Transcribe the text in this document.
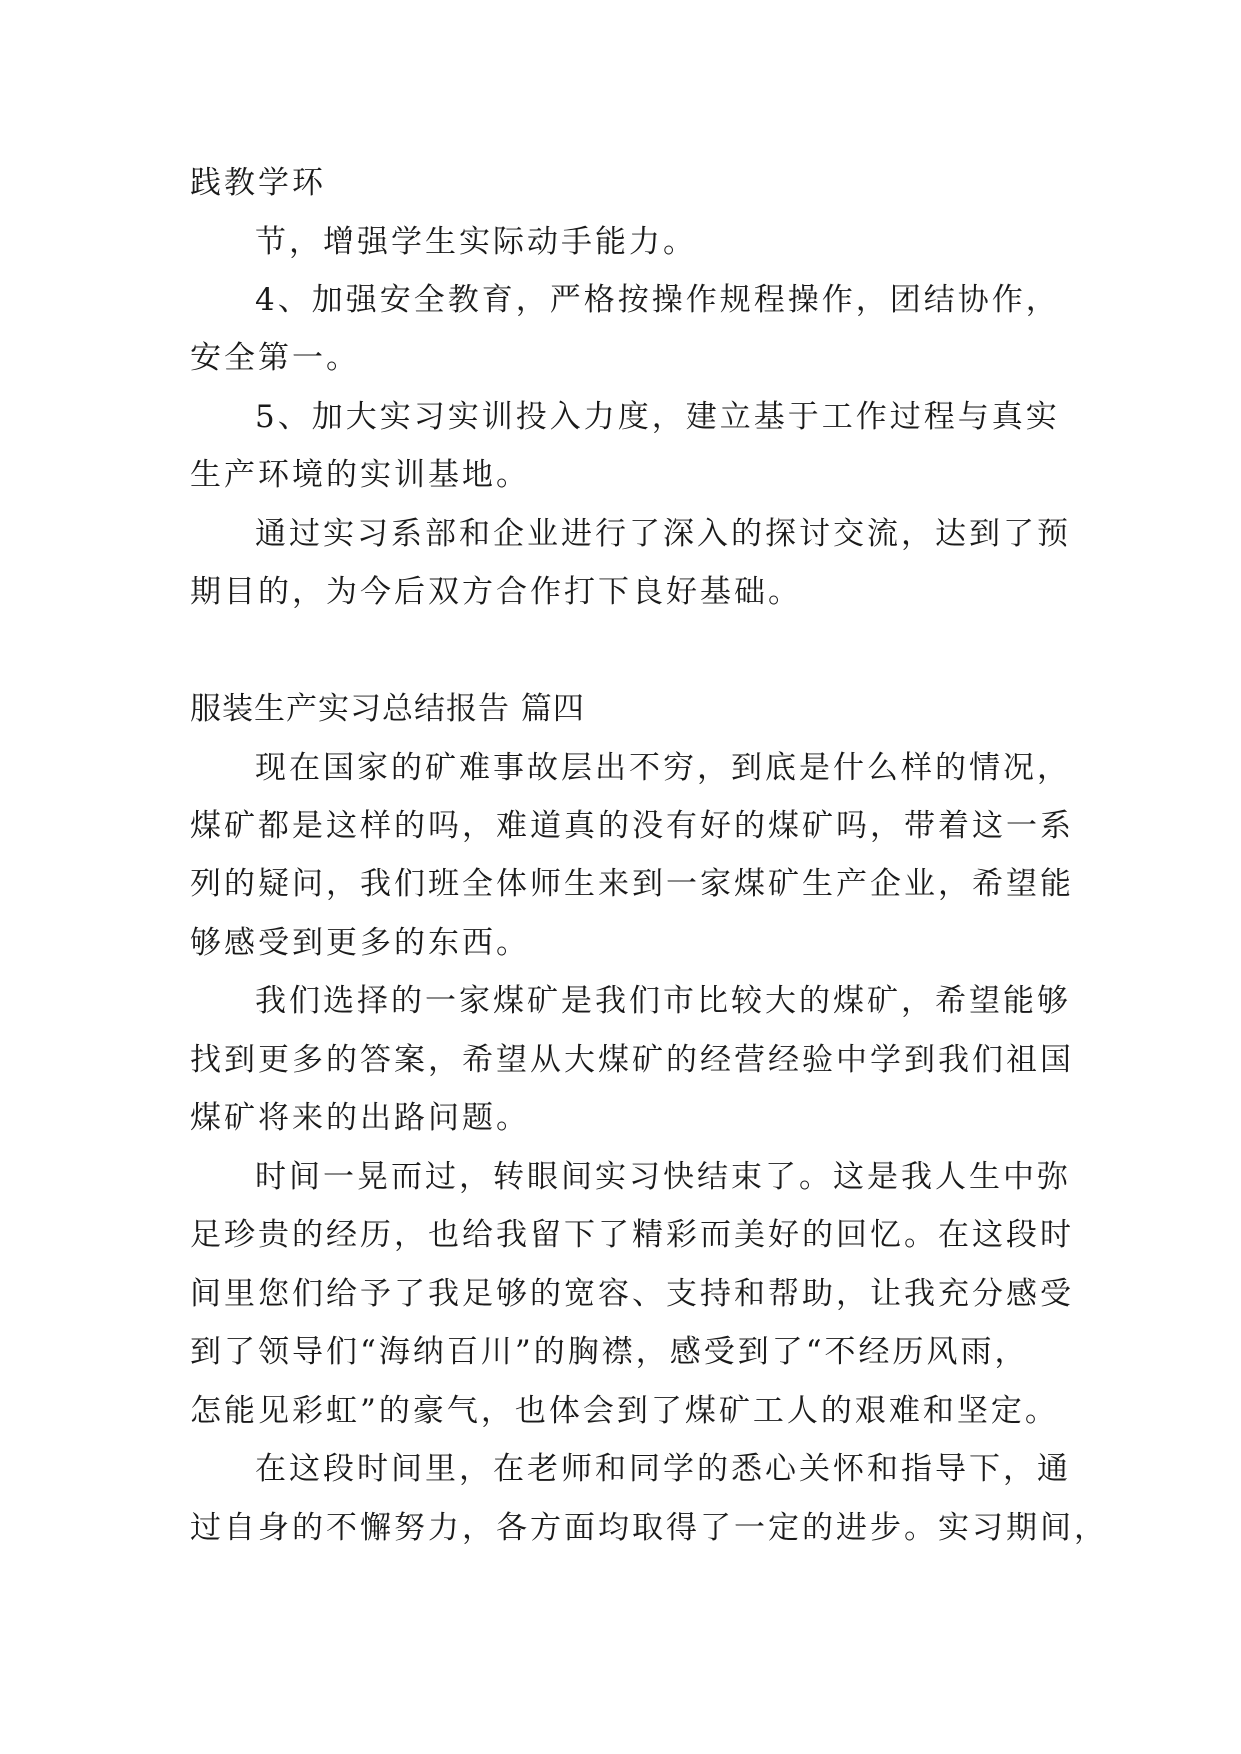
践教学环
节，增强学生实际动手能力。
4、加强安全教育，严格按操作规程操作，团结协作，
安全第一。
5、加大实习实训投入力度，建立基于工作过程与真实
生产环境的实训基地。
通过实习系部和企业进行了深入的探讨交流，达到了预
期目的，为今后双方合作打下良好基础。
服装生产实习总结报告 篇四
现在国家的矿难事故层出不穷，到底是什么样的情况，
煤矿都是这样的吗，难道真的没有好的煤矿吗，带着这一系
列的疑问，我们班全体师生来到一家煤矿生产企业，希望能
够感受到更多的东西。
我们选择的一家煤矿是我们市比较大的煤矿，希望能够
找到更多的答案，希望从大煤矿的经营经验中学到我们祖国
煤矿将来的出路问题。
时间一晃而过，转眼间实习快结束了。这是我人生中弥
足珍贵的经历，也给我留下了精彩而美好的回忆。在这段时
间里您们给予了我足够的宽容、支持和帮助，让我充分感受
到了领导们“海纳百川”的胸襟，感受到了“不经历风雨，
怎能见彩虹”的豪气，也体会到了煤矿工人的艰难和坚定。
在这段时间里，在老师和同学的悉心关怀和指导下，通
过自身的不懈努力，各方面均取得了一定的进步。实习期间，
